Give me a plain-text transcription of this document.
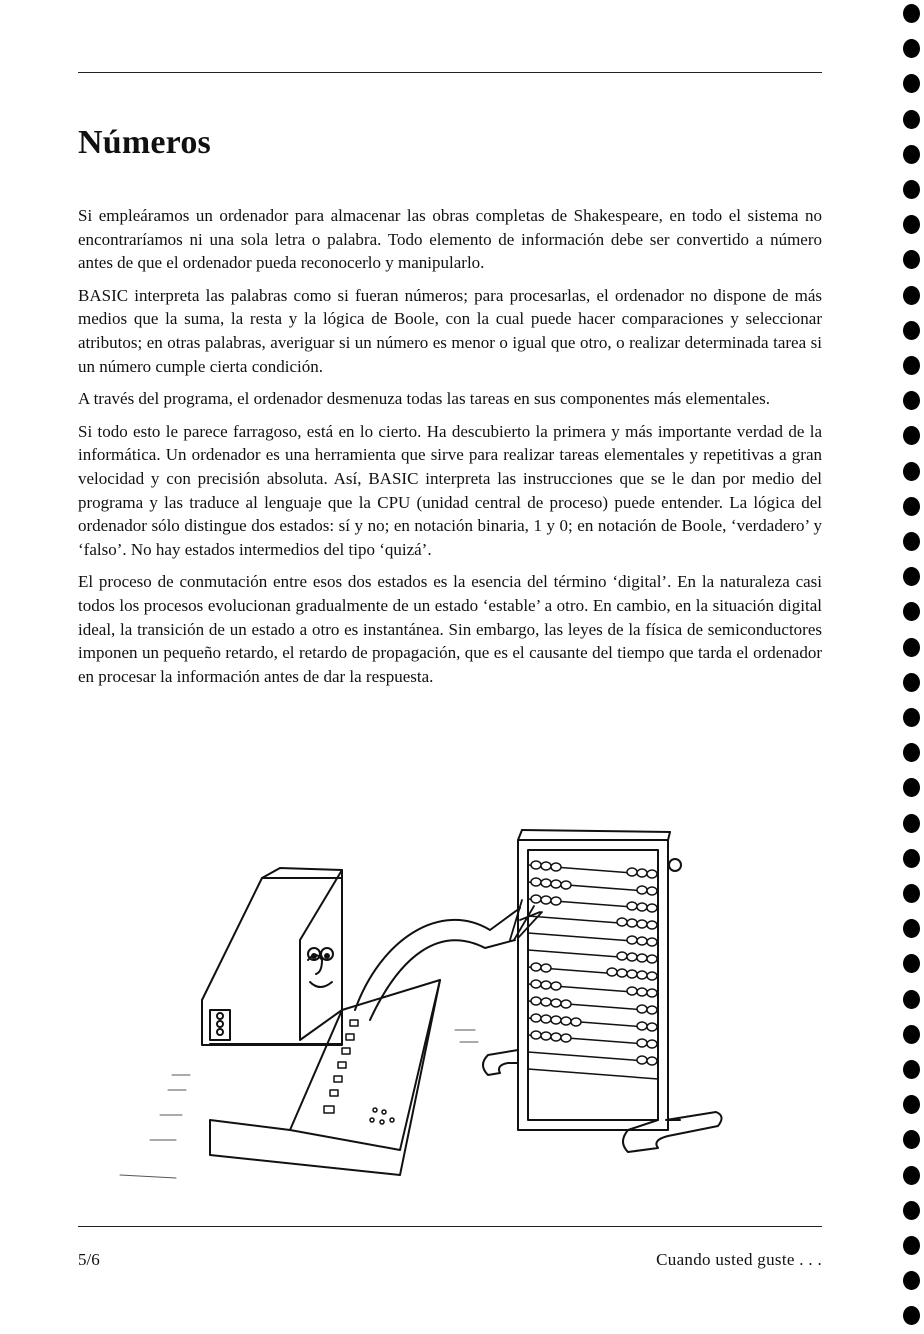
Números

Si empleáramos un ordenador para almacenar las obras completas de Shakespeare, en todo el sistema no encontraríamos ni una sola letra o palabra. Todo elemento de información debe ser convertido a número antes de que el ordenador pueda reconocerlo y manipularlo.

BASIC interpreta las palabras como si fueran números; para procesarlas, el ordenador no dispone de más medios que la suma, la resta y la lógica de Boole, con la cual puede hacer comparaciones y seleccionar atributos; en otras palabras, averiguar si un número es menor o igual que otro, o realizar determinada tarea si un número cumple cierta condición.

A través del programa, el ordenador desmenuza todas las tareas en sus componentes más elementales.

Si todo esto le parece farragoso, está en lo cierto. Ha descubierto la primera y más importante verdad de la informática. Un ordenador es una herramienta que sirve para realizar tareas elementales y repetitivas a gran velocidad y con precisión absoluta. Así, BASIC interpreta las instrucciones que se le dan por medio del programa y las traduce al lenguaje que la CPU (unidad central de proceso) puede entender. La lógica del ordenador sólo distingue dos estados: sí y no; en notación binaria, 1 y 0; en notación de Boole, ‘verdadero’ y ‘falso’. No hay estados intermedios del tipo ‘quizá’.

El proceso de conmutación entre esos dos estados es la esencia del término ‘digital’. En la naturaleza casi todos los procesos evolucionan gradualmente de un estado ‘estable’ a otro. En cambio, en la situación digital ideal, la transición de un estado a otro es instantánea. Sin embargo, las leyes de la física de semiconductores imponen un pequeño retardo, el retardo de propagación, que es el causante del tiempo que tarda el ordenador en procesar la información antes de dar la respuesta.

5/6	Cuando usted guste . . .
